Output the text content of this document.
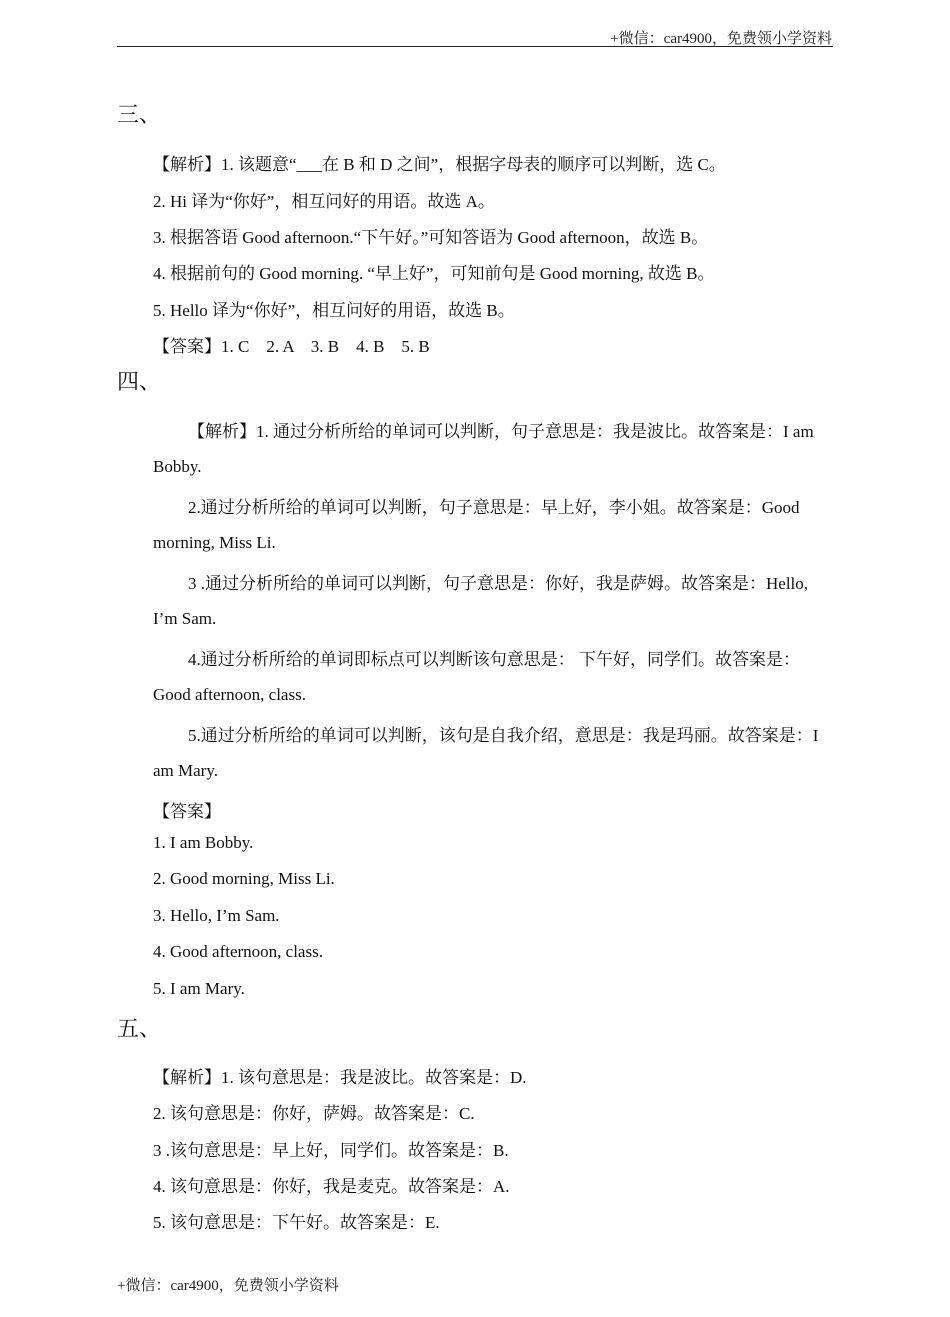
+微信：car4900，免费领小学资料
三、
【解析】1. 该题意“___在 B 和 D 之间”，根据字母表的顺序可以判断，选 C。
2. Hi 译为“你好”，相互问好的用语。故选 A。
3. 根据答语 Good afternoon.“下午好。”可知答语为 Good afternoon，故选 B。
4. 根据前句的 Good morning. “早上好”，可知前句是 Good morning, 故选 B。
5. Hello 译为“你好”，相互问好的用语，故选 B。
【答案】1. C　2. A　3. B　4. B　5. B
四、
【解析】1. 通过分析所给的单词可以判断，句子意思是：我是波比。故答案是：I am
Bobby.
2.通过分析所给的单词可以判断，句子意思是：早上好，李小姐。故答案是：Good
morning, Miss Li.
3 .通过分析所给的单词可以判断，句子意思是：你好，我是萨姆。故答案是：Hello,
I’m Sam.
4.通过分析所给的单词即标点可以判断该句意思是： 下午好，同学们。故答案是：
Good afternoon, class.
5.通过分析所给的单词可以判断，该句是自我介绍，意思是：我是玛丽。故答案是：I
am Mary.
【答案】
1. I am Bobby.
2. Good morning, Miss Li.
3. Hello, I’m Sam.
4. Good afternoon, class.
5. I am Mary.
五、
【解析】1. 该句意思是：我是波比。故答案是：D.
2. 该句意思是：你好，萨姆。故答案是：C.
3 .该句意思是：早上好，同学们。故答案是：B.
4. 该句意思是：你好，我是麦克。故答案是：A.
5. 该句意思是：下午好。故答案是：E.
+微信：car4900，免费领小学资料
